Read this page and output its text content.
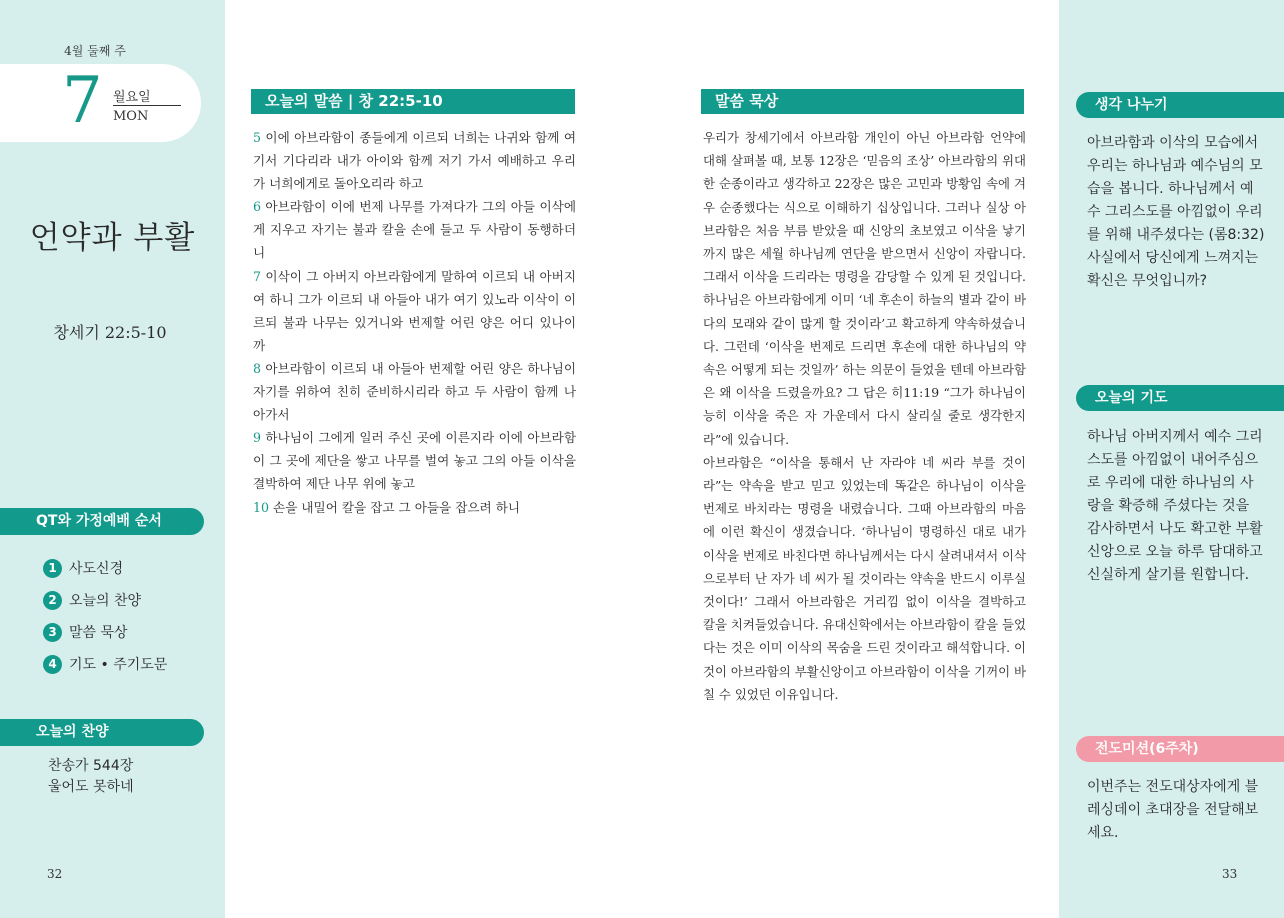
4월 둘째 주
7 월요일
MON
언약과 부활
창세기 22:5-10
QT와 가정예배 순서
1 사도신경
2 오늘의 찬양
3 말씀 묵상
4 기도 • 주기도문
오늘의 찬양
찬송가 544장
울어도 못하네
32
오늘의 말씀 | 창 22:5-10
5 이에 아브라함이 종들에게 이르되 너희는 나귀와 함께 여기서 기다리라 내가 아이와 함께 저기 가서 예배하고 우리가 너희에게로 돌아오리라 하고
6 아브라함이 이에 번제 나무를 가져다가 그의 아들 이삭에게 지우고 자기는 불과 칼을 손에 들고 두 사람이 동행하더니
7 이삭이 그 아버지 아브라함에게 말하여 이르되 내 아버지여 하니 그가 이르되 내 아들아 내가 여기 있노라 이삭이 이르되 불과 나무는 있거니와 번제할 어린 양은 어디 있나이까
8 아브라함이 이르되 내 아들아 번제할 어린 양은 하나님이 자기를 위하여 친히 준비하시리라 하고 두 사람이 함께 나아가서
9 하나님이 그에게 일러 주신 곳에 이른지라 이에 아브라함이 그 곳에 제단을 쌓고 나무를 벌여 놓고 그의 아들 이삭을 결박하여 제단 나무 위에 놓고
10 손을 내밀어 칼을 잡고 그 아들을 잡으려 하니
말씀 묵상
우리가 창세기에서 아브라함 개인이 아닌 아브라함 언약에 대해 살펴볼 때, 보통 12장은 ‘믿음의 조상’ 아브라함의 위대한 순종이라고 생각하고 22장은 많은 고민과 방황임 속에 겨우 순종했다는 식으로 이해하기 십상입니다. 그러나 실상 아브라함은 처음 부름 받았을 때 신앙의 초보였고 이삭을 낳기까지 많은 세월 하나님께 연단을 받으면서 신앙이 자랍니다. 그래서 이삭을 드리라는 명령을 감당할 수 있게 된 것입니다. 하나님은 아브라함에게 이미 ‘네 후손이 하늘의 별과 같이 바다의 모래와 같이 많게 할 것이라’고 확고하게 약속하셨습니다. 그런데 ‘이삭을 번제로 드리면 후손에 대한 하나님의 약속은 어떻게 되는 것일까’ 하는 의문이 들었을 텐데 아브라함은 왜 이삭을 드렸을까요? 그 답은 히11:19 “그가 하나님이 능히 이삭을 죽은 자 가운데서 다시 살리실 줄로 생각한지라”에 있습니다.
아브라함은 “이삭을 통해서 난 자라야 네 씨라 부를 것이라”는 약속을 받고 믿고 있었는데 똑같은 하나님이 이삭을 번제로 바치라는 명령을 내렸습니다. 그때 아브라함의 마음에 이런 확신이 생겼습니다. ‘하나님이 명령하신 대로 내가 이삭을 번제로 바친다면 하나님께서는 다시 살려내셔서 이삭으로부터 난 자가 네 씨가 될 것이라는 약속을 반드시 이루실 것이다!’ 그래서 아브라함은 거리낌 없이 이삭을 결박하고 칼을 치켜들었습니다. 유대신학에서는 아브라함이 칼을 들었다는 것은 이미 이삭의 목숨을 드린 것이라고 해석합니다. 이것이 아브라함의 부활신앙이고 아브라함이 이삭을 기꺼이 바칠 수 있었던 이유입니다.
생각 나누기
아브라함과 이삭의 모습에서 우리는 하나님과 예수님의 모습을 봅니다. 하나님께서 예수 그리스도를 아낌없이 우리를 위해 내주셨다는 (롬8:32) 사실에서 당신에게 느껴지는 확신은 무엇입니까?
오늘의 기도
하나님 아버지께서 예수 그리스도를 아낌없이 내어주심으로 우리에 대한 하나님의 사랑을 확증해 주셨다는 것을 감사하면서 나도 확고한 부활신앙으로 오늘 하루 담대하고 신실하게 살기를 원합니다.
전도미션(6주차)
이번주는 전도대상자에게 블레싱데이 초대장을 전달해보세요.
33
